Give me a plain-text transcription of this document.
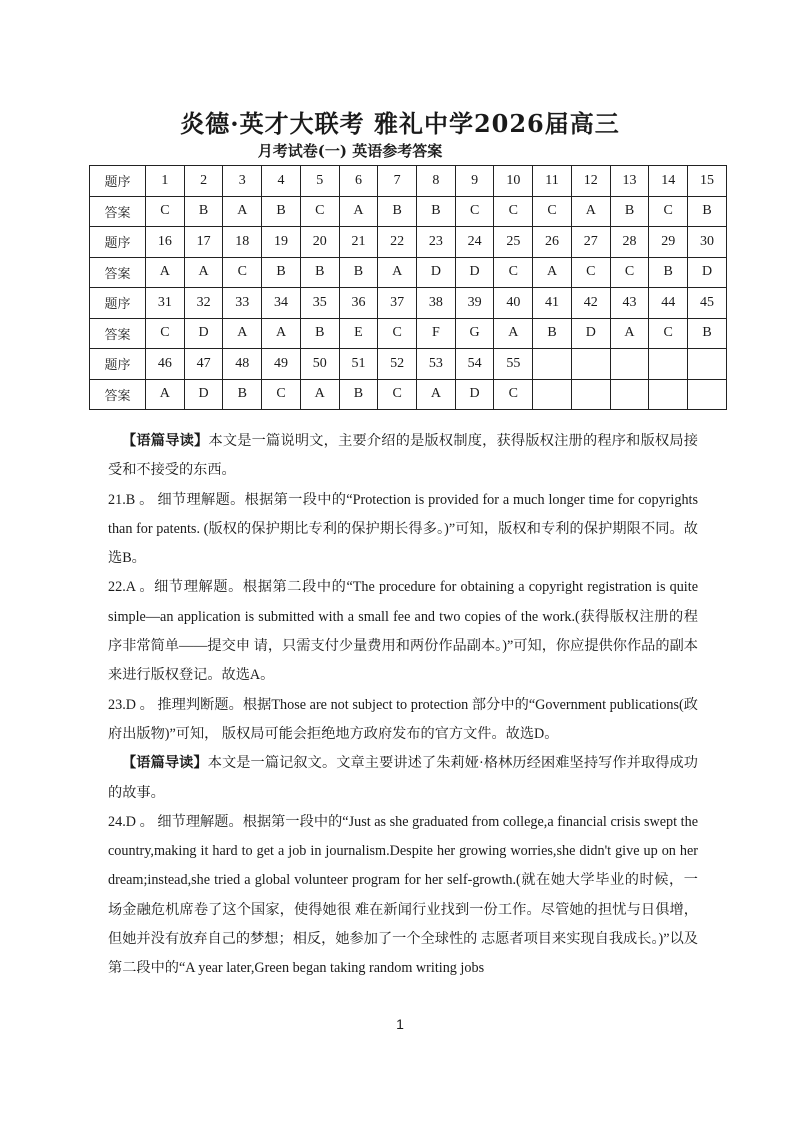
炎德·英才大联考 雅礼中学2026届高三
月考试卷(一) 英语参考答案
题序	1	2	3	4	5	6	7	8	9	10	11	12	13	14	15
答案	C	B	A	B	C	A	B	B	C	C	C	A	B	C	B
题序	16	17	18	19	20	21	22	23	24	25	26	27	28	29	30
答案	A	A	C	B	B	B	A	D	D	C	A	C	C	B	D
题序	31	32	33	34	35	36	37	38	39	40	41	42	43	44	45
答案	C	D	A	A	B	E	C	F	G	A	B	D	A	C	B
题序	46	47	48	49	50	51	52	53	54	55					
答案	A	D	B	C	A	B	C	A	D	C					

【语篇导读】本文是一篇说明文，主要介绍的是版权制度，获得版权注册的程序和版权局接受和不接受的东西。

21.B 。 细节理解题。根据第一段中的“Protection is provided for a much longer time for copyrights than for patents. (版权的保护期比专利的保护期长得多。)”可知，版权和专利的保护期限不同。故选B。

22.A 。细节理解题。根据第二段中的“The procedure for obtaining a copyright registration is quite simple—an application is submitted with a small fee and two copies of the work.(获得版权注册的程序非常简单——提交申 请，只需支付少量费用和两份作品副本。)”可知，你应提供你作品的副本来进行版权登记。故选A。

23.D 。 推理判断题。根据Those are not subject to protection 部分中的“Government publications(政府出版物)”可知， 版权局可能会拒绝地方政府发布的官方文件。故选D。

【语篇导读】本文是一篇记叙文。文章主要讲述了朱莉娅·格林历经困难坚持写作并取得成功的故事。

24.D 。 细节理解题。根据第一段中的“Just as she graduated from college,a financial crisis swept the country,making it hard to get a job in journalism.Despite her growing worries,she didn't give up on her dream;instead,she tried a global volunteer program for her self-growth.(就在她大学毕业的时候，一场金融危机席卷了这个国家，使得她很 难在新闻行业找到一份工作。尽管她的担忧与日俱增，但她并没有放弃自己的梦想；相反，她参加了一个全球性的 志愿者项目来实现自我成长。)”以及第二段中的“A year later,Green began taking random writing jobs

1
